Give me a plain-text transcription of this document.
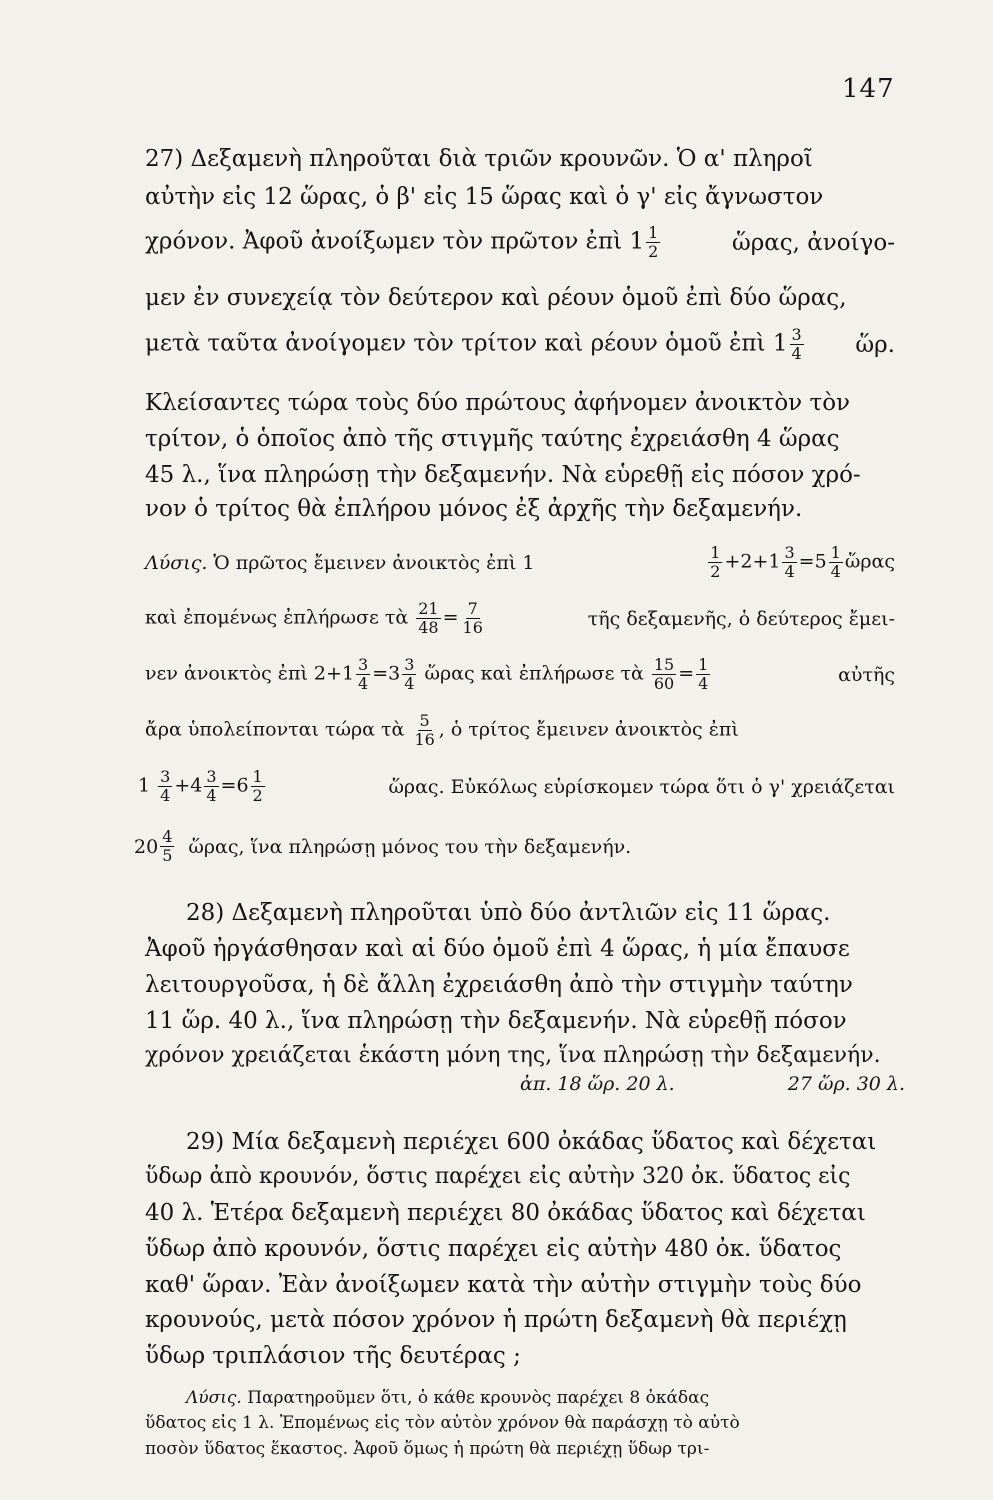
147
27) Δεξαμενὴ πληροῦται διὰ τριῶν κρουνῶν. Ὁ α' πληροῖ
αὐτὴν εἰς 12 ὥρας, ὁ β' εἰς 15 ὥρας καὶ ὁ γ' εἰς ἄγνωστον
χρόνον. Ἀφοῦ ἀνοίξωμεν τὸν πρῶτον ἐπὶ $1 \frac{1}{2}$	ὥρας, ἀνοίγο-
μεν ἐν συνεχείᾳ τὸν δεύτερον καὶ ρέουν ὁμοῦ ἐπὶ δύο ὥρας,
μετὰ ταῦτα ἀνοίγομεν τὸν τρίτον καὶ ρέουν ὁμοῦ ἐπὶ $1 \frac{3}{4}$ ὥρ.
Κλείσαντες τώρα τοὺς δύο πρώτους ἀφήνομεν ἀνοικτὸν τὸν
τρίτον, ὁ ὁποῖος ἀπὸ τῆς στιγμῆς ταύτης ἐχρειάσθη 4 ὥρας
45 λ., ἵνα πληρώσῃ τὴν δεξαμενήν. Νὰ εὑρεθῇ εἰς πόσον χρό-
νον ὁ τρίτος θὰ ἐπλήρου μόνος ἐξ ἀρχῆς τὴν δεξαμενήν.
Λύσις. Ὁ πρῶτος ἔμεινεν ἀνοικτὸς ἐπὶ 1	$\frac{1}{2} +2+1 \frac{3}{4} =5 \frac{1}{4}$ ὥρας
καὶ ἐπομένως ἐπλήρωσε τὰ $\frac{21}{48} = \frac{7}{16}$	τῆς δεξαμενῆς, ὁ δεύτερος ἔμει-
νεν ἀνοικτὸς ἐπὶ $2+1 \frac{3}{4} =3 \frac{3}{4}$ ὥρας καὶ ἐπλήρωσε τὰ $\frac{15}{60} = \frac{1}{4}$	αὐτῆς
ἄρα ὑπολείπονται τώρα τὰ $\frac{5}{16}$ , ὁ τρίτος ἔμεινεν ἀνοικτὸς ἐπὶ
$1 \frac{3}{4} +4 \frac{3}{4} =6 \frac{1}{2}$	ὥρας. Εὐκόλως εὑρίσκομεν τώρα ὅτι ὁ γ' χρειάζεται
$20 \frac{4}{5}$ ὥρας, ἵνα πληρώσῃ μόνος του τὴν δεξαμενήν.
28) Δεξαμενὴ πληροῦται ὑπὸ δύο ἀντλιῶν εἰς 11 ὥρας.
Ἀφοῦ ἠργάσθησαν καὶ αἱ δύο ὁμοῦ ἐπὶ 4 ὥρας, ἡ μία ἔπαυσε
λειτουργοῦσα, ἡ δὲ ἄλλη ἐχρειάσθη ἀπὸ τὴν στιγμὴν ταύτην
11 ὥρ. 40 λ., ἵνα πληρώσῃ τὴν δεξαμενήν. Νὰ εὑρεθῇ πόσον
χρόνον χρειάζεται ἑκάστη μόνη της, ἵνα πληρώσῃ τὴν δεξαμενήν.
ἀπ. 18 ὥρ. 20 λ.	27 ὥρ. 30 λ.
29) Μία δεξαμενὴ περιέχει 600 ὀκάδας ὕδατος καὶ δέχεται
ὕδωρ ἀπὸ κρουνόν, ὅστις παρέχει εἰς αὐτὴν 320 ὀκ. ὕδατος εἰς
40 λ. Ἑτέρα δεξαμενὴ περιέχει 80 ὀκάδας ὕδατος καὶ δέχεται
ὕδωρ ἀπὸ κρουνόν, ὅστις παρέχει εἰς αὐτὴν 480 ὀκ. ὕδατος
καθ' ὥραν. Ἐὰν ἀνοίξωμεν κατὰ τὴν αὐτὴν στιγμὴν τοὺς δύο
κρουνούς, μετὰ πόσον χρόνον ἡ πρώτη δεξαμενὴ θὰ περιέχῃ
ὕδωρ τριπλάσιον τῆς δευτέρας ;
Λύσις. Παρατηροῦμεν ὅτι, ὁ κάθε κρουνὸς παρέχει 8 ὀκάδας
ὕδατος εἰς 1 λ. Ἐπομένως εἰς τὸν αὐτὸν χρόνον θὰ παράσχῃ τὸ αὐτὸ
ποσὸν ὕδατος ἕκαστος. Ἀφοῦ ὅμως ἡ πρώτη θὰ περιέχῃ ὕδωρ τρι-
